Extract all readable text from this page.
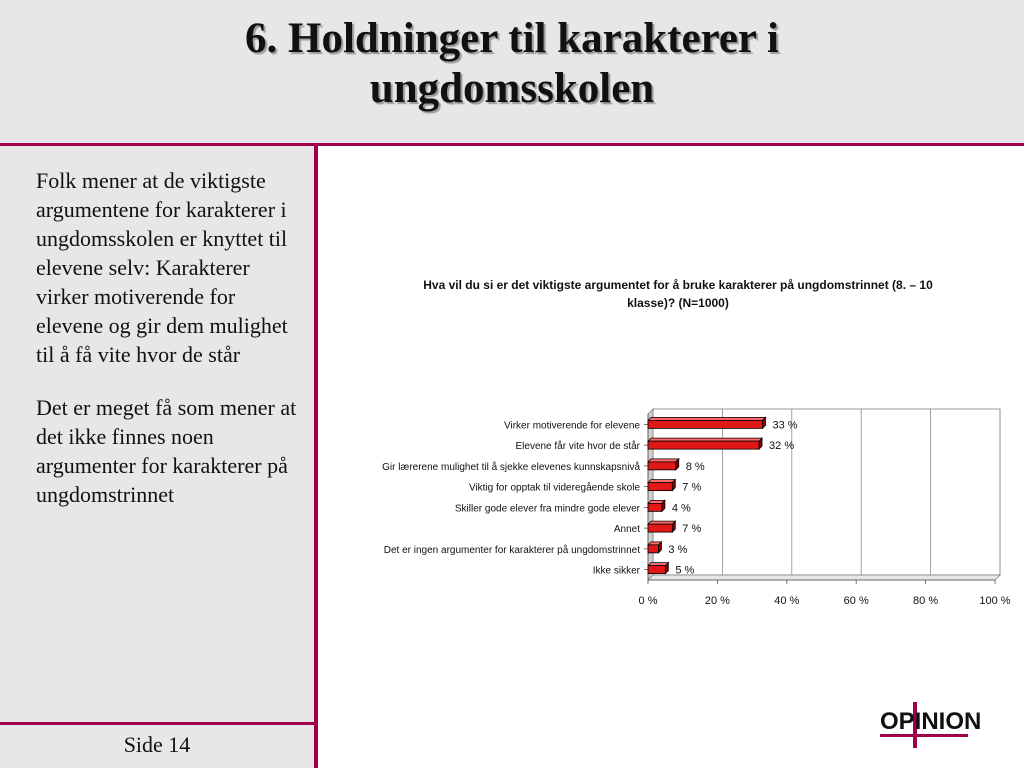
6. Holdninger til karakterer i ungdomsskolen

Folk mener at de viktigste argumentene for karakterer i ungdomsskolen er knyttet til elevene selv: Karakterer virker motiverende for elevene og gir dem mulighet til å få vite hvor de står

Det er meget få som mener at det ikke finnes noen argumenter for karakterer på ungdomstrinnet

Side 14
Hva vil du si er det viktigste argumentet for å bruke karakterer på ungdomstrinnet (8. – 10 klasse)? (N=1000)
0 %	20 %	40 %	60 %	80 %	100 %
Virker motiverende for elevene	33 %
Elevene får vite hvor de står	32 %
Gir lærerene mulighet til å sjekke elevenes kunnskapsnivå	8 %
Viktig for opptak til videregående skole	7 %
Skiller gode elever fra mindre gode elever	4 %
Annet	7 %
Det er ingen argumenter for karakterer på ungdomstrinnet	3 %
Ikke sikker	5 %
OPINION
